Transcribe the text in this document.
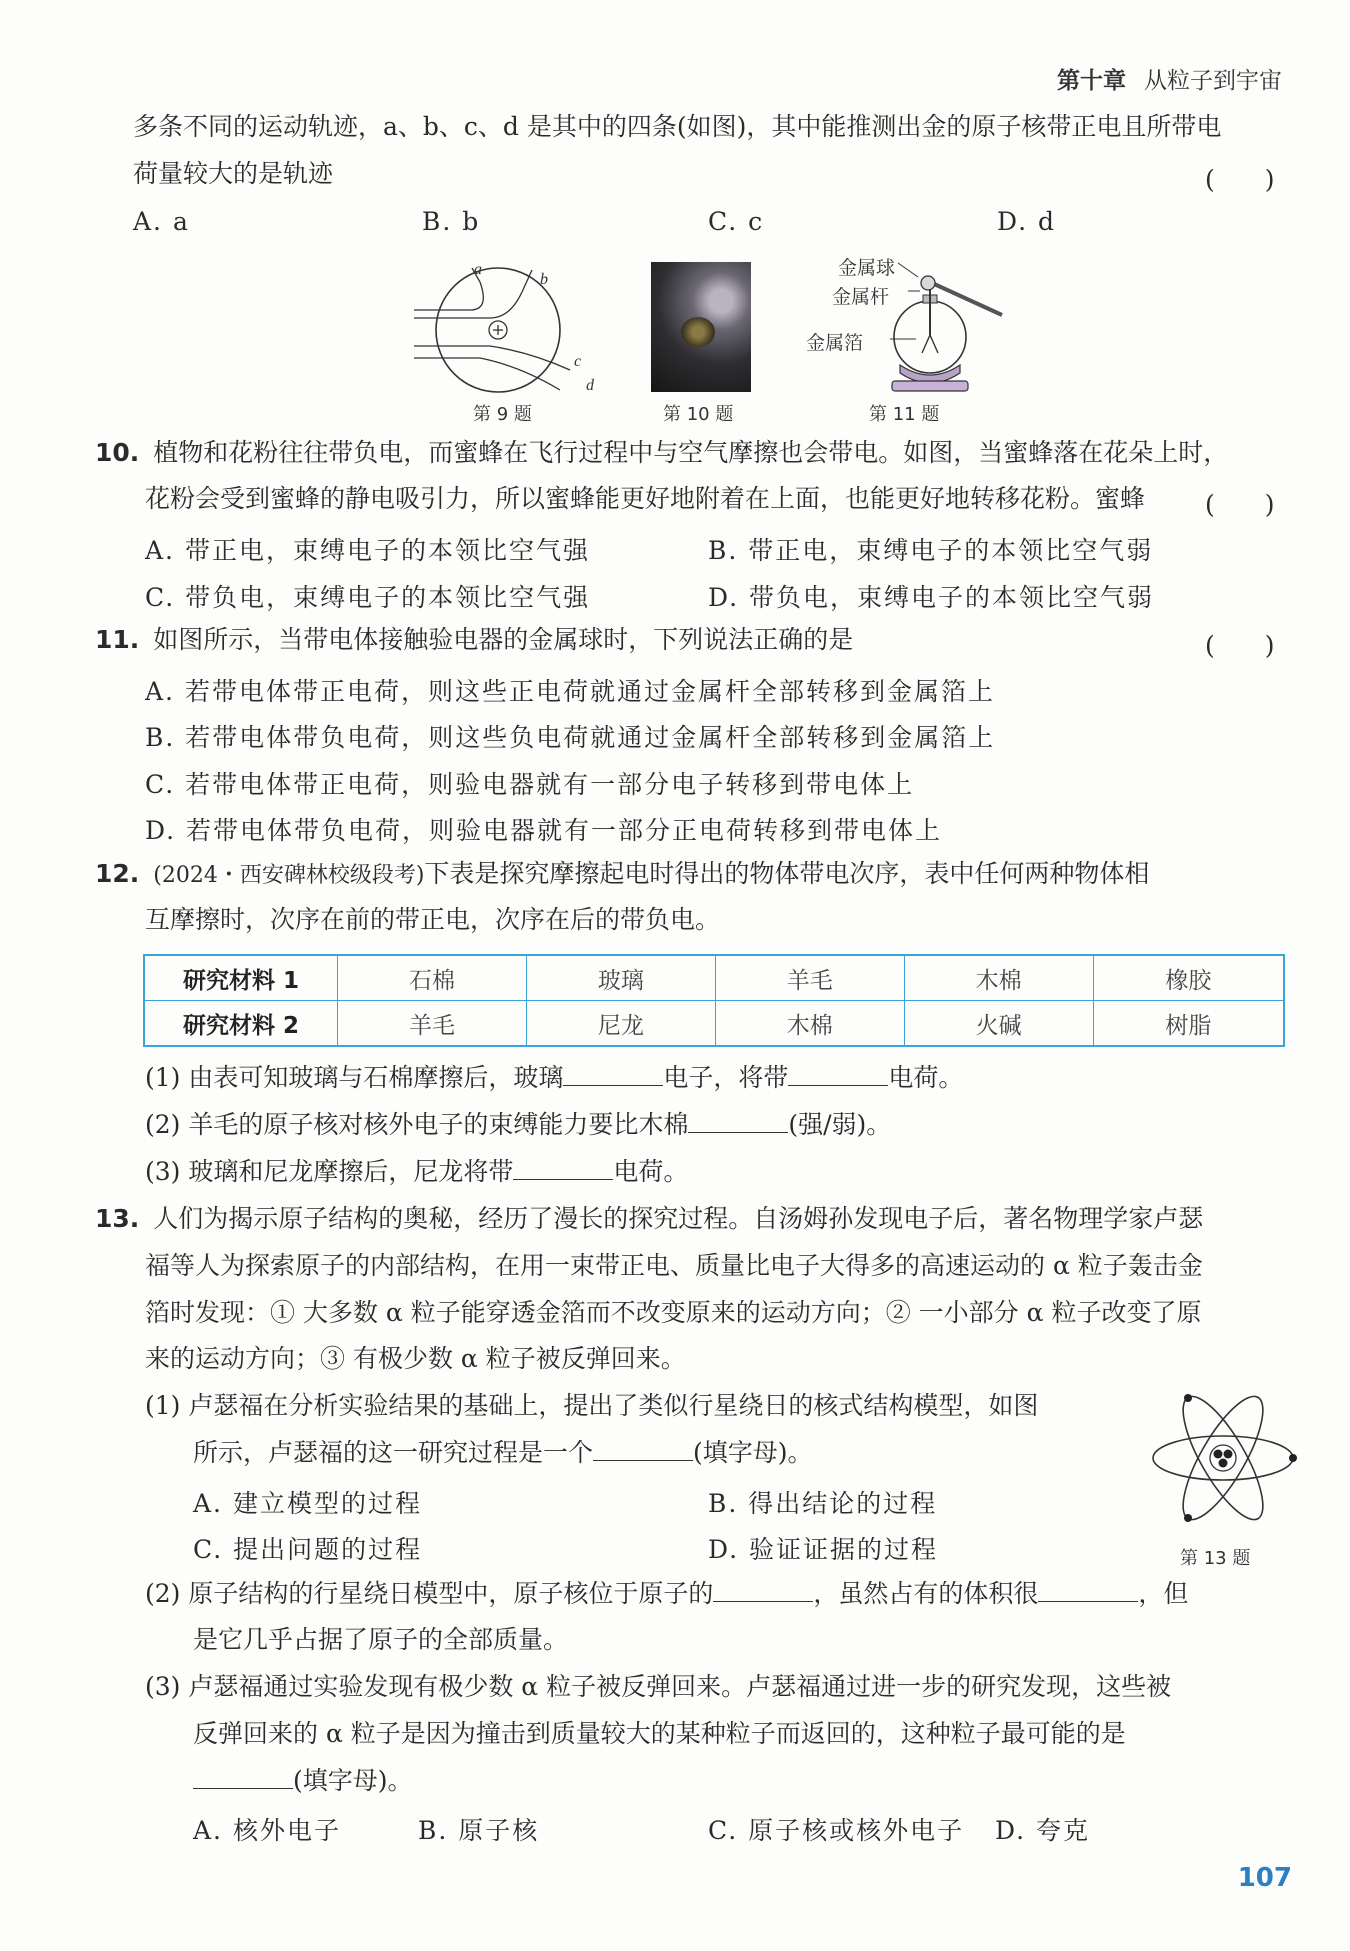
第十章 从粒子到宇宙
多条不同的运动轨迹，a、b、c、d 是其中的四条(如图)，其中能推测出金的原子核带正电且所带电
荷量较大的是轨迹	(　　)
A. a	B. b	C. c	D. d
a
b
c
d
第 9 题	第 10 题
金属球
金属杆
金属箔
第 11 题
10. 植物和花粉往往带负电，而蜜蜂在飞行过程中与空气摩擦也会带电。如图，当蜜蜂落在花朵上时，
花粉会受到蜜蜂的静电吸引力，所以蜜蜂能更好地附着在上面，也能更好地转移花粉。蜜蜂 (　　)
A. 带正电，束缚电子的本领比空气强	B. 带正电，束缚电子的本领比空气弱
C. 带负电，束缚电子的本领比空气强	D. 带负电，束缚电子的本领比空气弱
11. 如图所示，当带电体接触验电器的金属球时，下列说法正确的是	(　　)
A. 若带电体带正电荷，则这些正电荷就通过金属杆全部转移到金属箔上
B. 若带电体带负电荷，则这些负电荷就通过金属杆全部转移到金属箔上
C. 若带电体带正电荷，则验电器就有一部分电子转移到带电体上
D. 若带电体带负电荷，则验电器就有一部分正电荷转移到带电体上
12. (2024・西安碑林校级段考)下表是探究摩擦起电时得出的物体带电次序，表中任何两种物体相
互摩擦时，次序在前的带正电，次序在后的带负电。
研究材料 1	石棉	玻璃	羊毛	木棉	橡胶
研究材料 2	羊毛	尼龙	木棉	火碱	树脂
(1) 由表可知玻璃与石棉摩擦后，玻璃	电子，将带	电荷。
(2) 羊毛的原子核对核外电子的束缚能力要比木棉	(强/弱)。
(3) 玻璃和尼龙摩擦后，尼龙将带	电荷。
13. 人们为揭示原子结构的奥秘，经历了漫长的探究过程。自汤姆孙发现电子后，著名物理学家卢瑟
福等人为探索原子的内部结构，在用一束带正电、质量比电子大得多的高速运动的 α 粒子轰击金
箔时发现：① 大多数 α 粒子能穿透金箔而不改变原来的运动方向；② 一小部分 α 粒子改变了原
来的运动方向；③ 有极少数 α 粒子被反弹回来。
(1) 卢瑟福在分析实验结果的基础上，提出了类似行星绕日的核式结构模型，如图
所示，卢瑟福的这一研究过程是一个	(填字母)。
A. 建立模型的过程	B. 得出结论的过程
C. 提出问题的过程	D. 验证证据的过程	第 13 题
(2) 原子结构的行星绕日模型中，原子核位于原子的	，虽然占有的体积很	，但
是它几乎占据了原子的全部质量。
(3) 卢瑟福通过实验发现有极少数 α 粒子被反弹回来。卢瑟福通过进一步的研究发现，这些被
反弹回来的 α 粒子是因为撞击到质量较大的某种粒子而返回的，这种粒子最可能的是
(填字母)。
A. 核外电子	B. 原子核	C. 原子核或核外电子 D. 夸克
107
